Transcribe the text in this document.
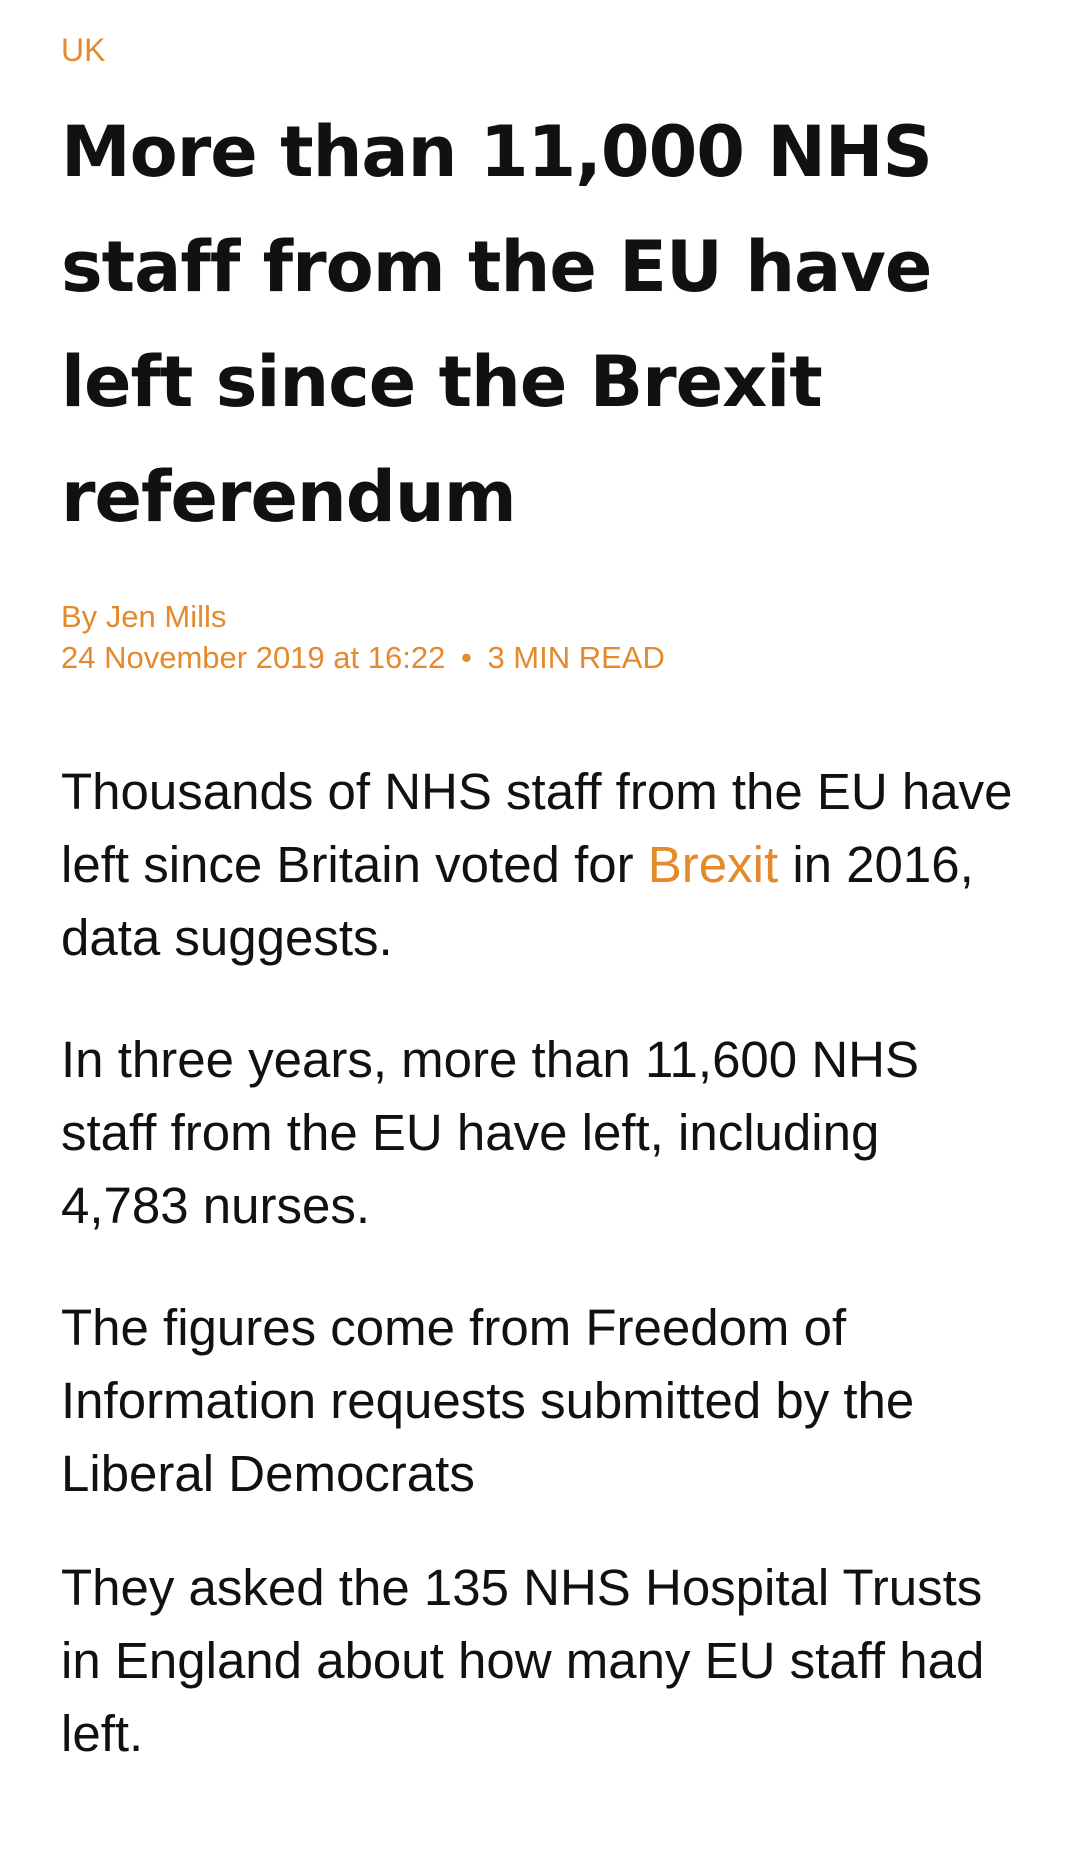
UK
More than 11,000 NHS staff from the EU have left since the Brexit referendum
By Jen Mills
24 November 2019 at 16:22 • 3 MIN READ

Thousands of NHS staff from the EU have left since Britain voted for Brexit in 2016, data suggests.

In three years, more than 11,600 NHS staff from the EU have left, including 4,783 nurses.

The figures come from Freedom of Information requests submitted by the Liberal Democrats

They asked the 135 NHS Hospital Trusts in England about how many EU staff had left.
